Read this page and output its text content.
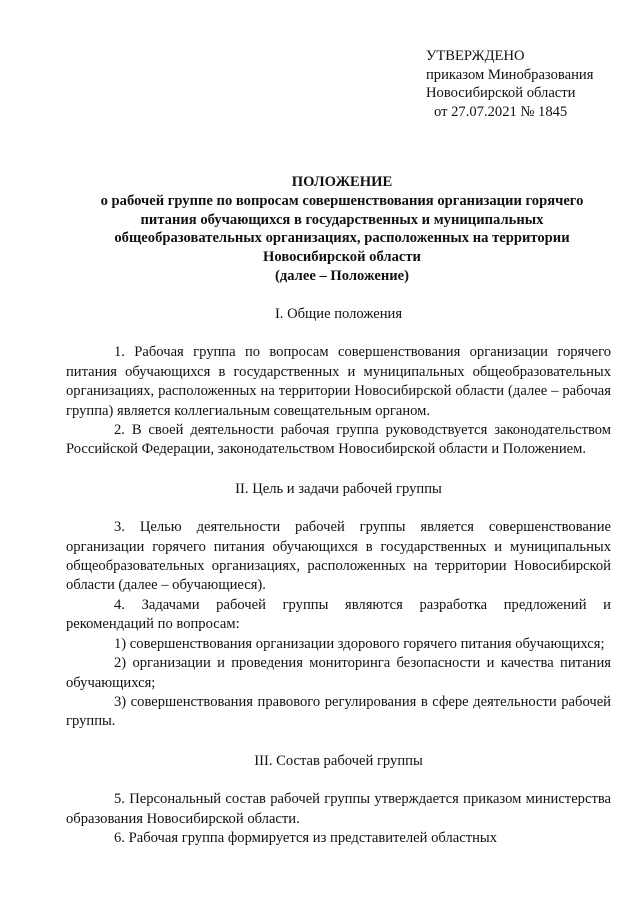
УТВЕРЖДЕНО
приказом Минобразования
Новосибирской области
от 27.07.2021 № 1845
ПОЛОЖЕНИЕ
о рабочей группе по вопросам совершенствования организации горячего
питания обучающихся в государственных и муниципальных
общеобразовательных организациях, расположенных на территории
Новосибирской области
(далее – Положение)
I. Общие положения

1. Рабочая группа по вопросам совершенствования организации горячего питания обучающихся в государственных и муниципальных общеобразовательных организациях, расположенных на территории Новосибирской области (далее – рабочая группа) является коллегиальным совещательным органом.

2. В своей деятельности рабочая группа руководствуется законодательством Российской Федерации, законодательством Новосибирской области и Положением.

II. Цель и задачи рабочей группы

3. Целью деятельности рабочей группы является совершенствование организации горячего питания обучающихся в государственных и муниципальных общеобразовательных организациях, расположенных на территории Новосибирской области (далее – обучающиеся).

4. Задачами рабочей группы являются разработка предложений и рекомендаций по вопросам:

1) совершенствования организации здорового горячего питания обучающихся;

2) организации и проведения мониторинга безопасности и качества питания обучающихся;

3) совершенствования правового регулирования в сфере деятельности рабочей группы.

III. Состав рабочей группы

5. Персональный состав рабочей группы утверждается приказом министерства образования Новосибирской области.

6. Рабочая группа формируется из представителей областных
